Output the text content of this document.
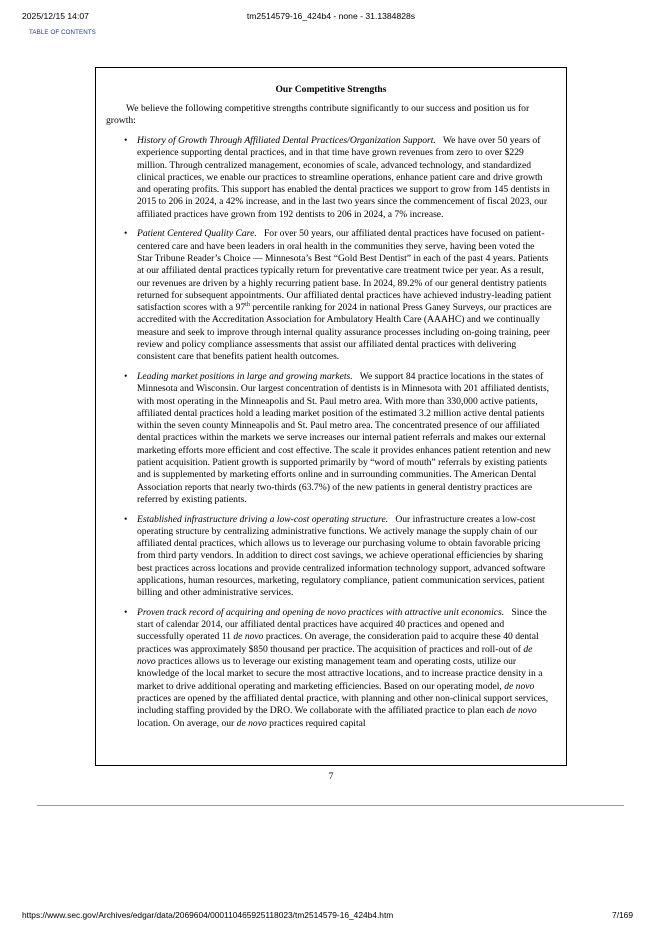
2025/12/15 14:07	tm2514579-16_424b4 - none - 31.1384828s
TABLE OF CONTENTS
Our Competitive Strengths
We believe the following competitive strengths contribute significantly to our success and position us for growth:
• History of Growth Through Affiliated Dental Practices/Organization Support. We have over 50 years of experience supporting dental practices, and in that time have grown revenues from zero to over $229 million. Through centralized management, economies of scale, advanced technology, and standardized clinical practices, we enable our practices to streamline operations, enhance patient care and drive growth and operating profits. This support has enabled the dental practices we support to grow from 145 dentists in 2015 to 206 in 2024, a 42% increase, and in the last two years since the commencement of fiscal 2023, our affiliated practices have grown from 192 dentists to 206 in 2024, a 7% increase.
• Patient Centered Quality Care. For over 50 years, our affiliated dental practices have focused on patient-centered care and have been leaders in oral health in the communities they serve, having been voted the Star Tribune Reader’s Choice — Minnesota’s Best “Gold Best Dentist” in each of the past 4 years. Patients at our affiliated dental practices typically return for preventative care treatment twice per year. As a result, our revenues are driven by a highly recurring patient base. In 2024, 89.2% of our general dentistry patients returned for subsequent appointments. Our affiliated dental practices have achieved industry-leading patient satisfaction scores with a 97th percentile ranking for 2024 in national Press Ganey Surveys, our practices are accredited with the Accreditation Association for Ambulatory Health Care (AAAHC) and we continually measure and seek to improve through internal quality assurance processes including on-going training, peer review and policy compliance assessments that assist our affiliated dental practices with delivering consistent care that benefits patient health outcomes.
• Leading market positions in large and growing markets. We support 84 practice locations in the states of Minnesota and Wisconsin. Our largest concentration of dentists is in Minnesota with 201 affiliated dentists, with most operating in the Minneapolis and St. Paul metro area. With more than 330,000 active patients, affiliated dental practices hold a leading market position of the estimated 3.2 million active dental patients within the seven county Minneapolis and St. Paul metro area. The concentrated presence of our affiliated dental practices within the markets we serve increases our internal patient referrals and makes our external marketing efforts more efficient and cost effective. The scale it provides enhances patient retention and new patient acquisition. Patient growth is supported primarily by “word of mouth” referrals by existing patients and is supplemented by marketing efforts online and in surrounding communities. The American Dental Association reports that nearly two-thirds (63.7%) of the new patients in general dentistry practices are referred by existing patients.
• Established infrastructure driving a low-cost operating structure. Our infrastructure creates a low-cost operating structure by centralizing administrative functions. We actively manage the supply chain of our affiliated dental practices, which allows us to leverage our purchasing volume to obtain favorable pricing from third party vendors. In addition to direct cost savings, we achieve operational efficiencies by sharing best practices across locations and provide centralized information technology support, advanced software applications, human resources, marketing, regulatory compliance, patient communication services, patient billing and other administrative services.
• Proven track record of acquiring and opening de novo practices with attractive unit economics. Since the start of calendar 2014, our affiliated dental practices have acquired 40 practices and opened and successfully operated 11 de novo practices. On average, the consideration paid to acquire these 40 dental practices was approximately $850 thousand per practice. The acquisition of practices and roll-out of de novo practices allows us to leverage our existing management team and operating costs, utilize our knowledge of the local market to secure the most attractive locations, and to increase practice density in a market to drive additional operating and marketing efficiencies. Based on our operating model, de novo practices are opened by the affiliated dental practice, with planning and other non-clinical support services, including staffing provided by the DRO. We collaborate with the affiliated practice to plan each de novo location. On average, our de novo practices required capital
7
https://www.sec.gov/Archives/edgar/data/2069604/000110465925118023/tm2514579-16_424b4.htm	7/169
